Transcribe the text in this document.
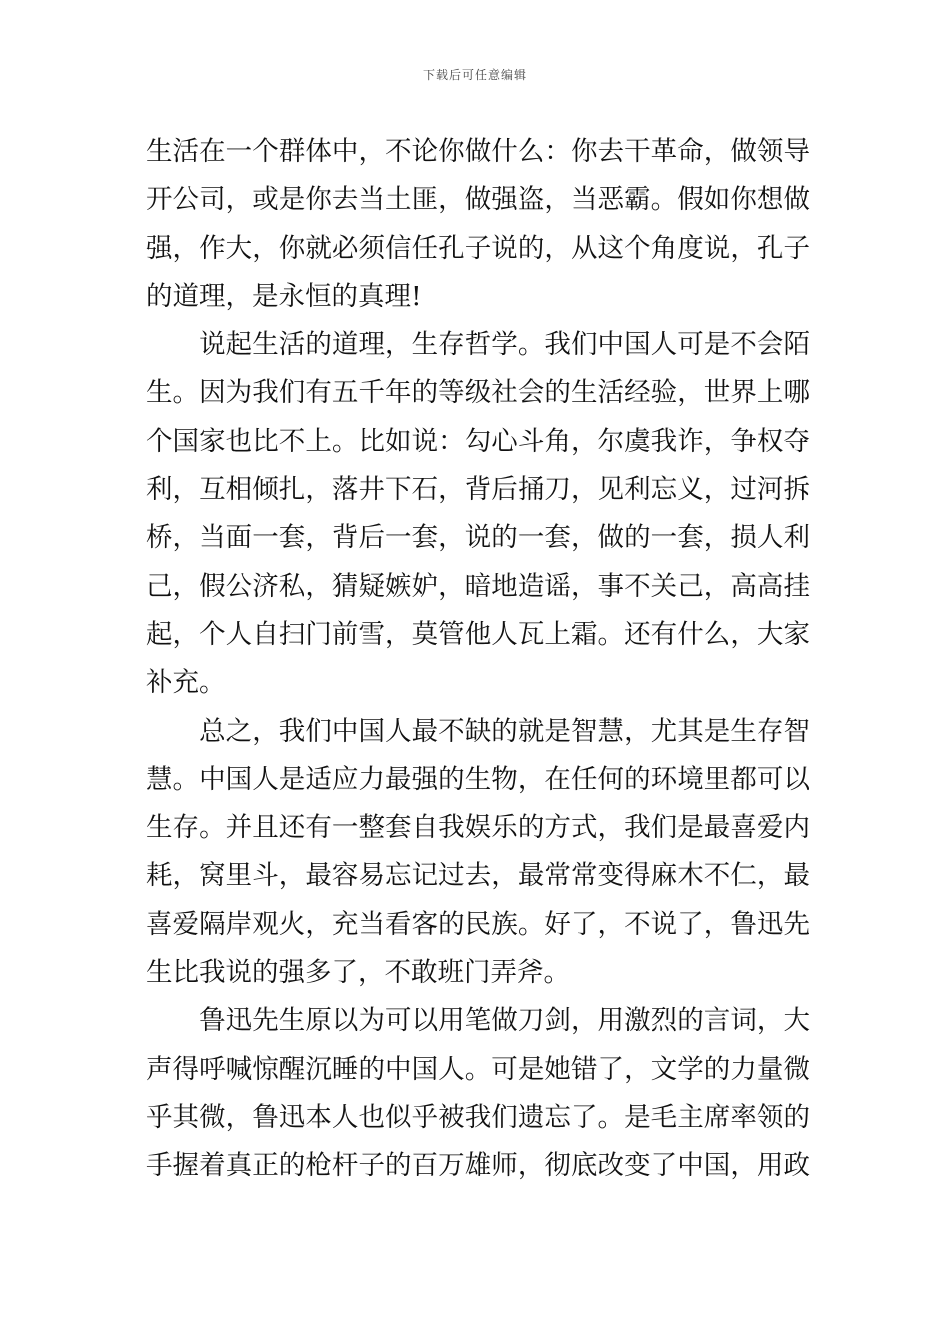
下载后可任意编辑
生活在一个群体中，不论你做什么：你去干革命，做领导
开公司，或是你去当土匪，做强盗，当恶霸。假如你想做
强，作大，你就必须信任孔子说的，从这个角度说，孔子
的道理，是永恒的真理!
　　说起生活的道理，生存哲学。我们中国人可是不会陌
生。因为我们有五千年的等级社会的生活经验，世界上哪
个国家也比不上。比如说：勾心斗角，尔虞我诈，争权夺
利，互相倾扎，落井下石，背后捅刀，见利忘义，过河拆
桥，当面一套，背后一套，说的一套，做的一套，损人利
己，假公济私，猜疑嫉妒，暗地造谣，事不关己，高高挂
起，个人自扫门前雪，莫管他人瓦上霜。还有什么，大家
补充。
　　总之，我们中国人最不缺的就是智慧，尤其是生存智
慧。中国人是适应力最强的生物，在任何的环境里都可以
生存。并且还有一整套自我娱乐的方式，我们是最喜爱内
耗，窝里斗，最容易忘记过去，最常常变得麻木不仁，最
喜爱隔岸观火，充当看客的民族。好了，不说了，鲁迅先
生比我说的强多了，不敢班门弄斧。
　　鲁迅先生原以为可以用笔做刀剑，用激烈的言词，大
声得呼喊惊醒沉睡的中国人。可是她错了，文学的力量微
乎其微，鲁迅本人也似乎被我们遗忘了。是毛主席率领的
手握着真正的枪杆子的百万雄师，彻底改变了中国，用政
